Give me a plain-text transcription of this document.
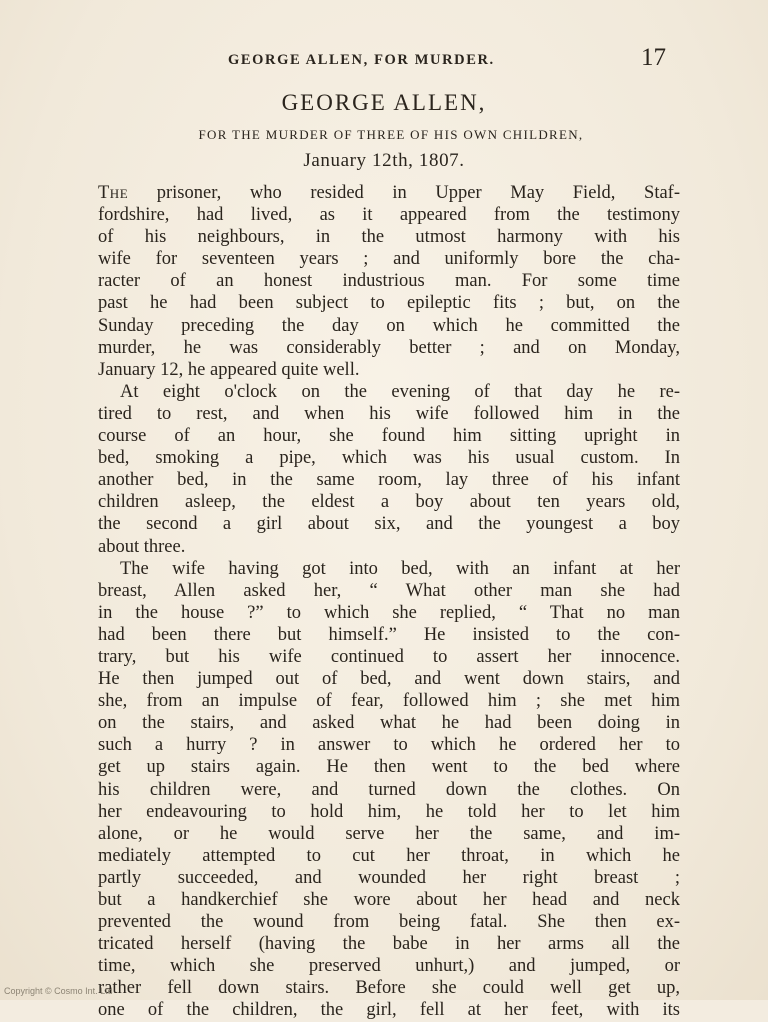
GEORGE ALLEN, FOR MURDER.	17
GEORGE ALLEN,
FOR THE MURDER OF THREE OF HIS OWN CHILDREN,
January 12th, 1807.
The prisoner, who resided in Upper May Field, Staf-
fordshire, had lived, as it appeared from the testimony
of his neighbours, in the utmost harmony with his
wife for seventeen years ; and uniformly bore the cha-
racter of an honest industrious man. For some time
past he had been subject to epileptic fits ; but, on the
Sunday preceding the day on which he committed the
murder, he was considerably better ; and on Monday,
January 12, he appeared quite well.
At eight o'clock on the evening of that day he re-
tired to rest, and when his wife followed him in the
course of an hour, she found him sitting upright in
bed, smoking a pipe, which was his usual custom. In
another bed, in the same room, lay three of his infant
children asleep, the eldest a boy about ten years old,
the second a girl about six, and the youngest a boy
about three.
The wife having got into bed, with an infant at her
breast, Allen asked her, “ What other man she had
in the house ?” to which she replied, “ That no man
had been there but himself.” He insisted to the con-
trary, but his wife continued to assert her innocence.
He then jumped out of bed, and went down stairs, and
she, from an impulse of fear, followed him ; she met him
on the stairs, and asked what he had been doing in
such a hurry ? in answer to which he ordered her to
get up stairs again. He then went to the bed where
his children were, and turned down the clothes. On
her endeavouring to hold him, he told her to let him
alone, or he would serve her the same, and im-
mediately attempted to cut her throat, in which he
partly succeeded, and wounded her right breast ;
but a handkerchief she wore about her head and neck
prevented the wound from being fatal. She then ex-
tricated herself (having the babe in her arms all the
time, which she preserved unhurt,) and jumped, or
rather fell down stairs. Before she could well get up,
one of the children, the girl, fell at her feet, with its
Copyright © Cosmo Int. Ltd
